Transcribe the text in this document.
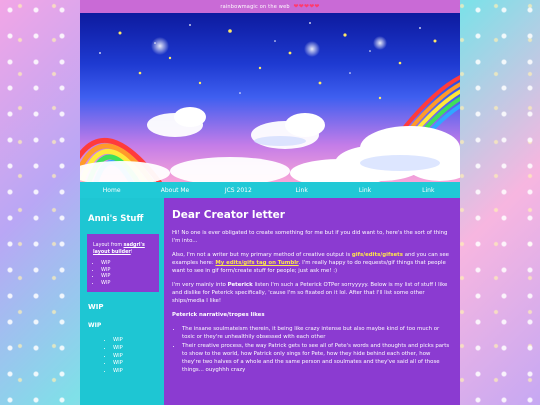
rainbowmagic on the web ❤❤❤❤❤
Home	About Me	JCS 2012	Link	Link	Link
Anni's Stuff
Layout from sadgrl's layout builder!
• WIP
• WIP
• WIP
• WIP
WIP
WIP
• WIP
• WIP
• WIP
• WIP
• WIP
Dear Creator letter

Hi! No one is ever obligated to create something for me but if you did want to, here's the sort of thing I'm into...

Also, I'm not a writer but my primary method of creative output is gifs/edits/gifsets and you can see examples here: My edits/gifs tag on Tumblr. I'm really happy to do requests/gif things that people want to see in gif form/create stuff for people; just ask me! :)

I'm very mainly into Peterick listen I'm such a Peterick OTPer sorryyyyy. Below is my list of stuff I like and dislike for Peterick specifically, 'cause I'm so fixated on it lol. After that I'll list some other ships/media I like!

Peterick narrative/tropes likes

• The insane soulmateism therein, it being like crazy intense but also maybe kind of too much or toxic or they're unhealthily obsessed with each other
• Their creative process, the way Patrick gets to see all of Pete's words and thoughts and picks parts to show to the world, how Patrick only sings for Pete, how they hide behind each other, how they're two halves of a whole and the same person and soulmates and they've said all of those things... ouyghhh crazy
